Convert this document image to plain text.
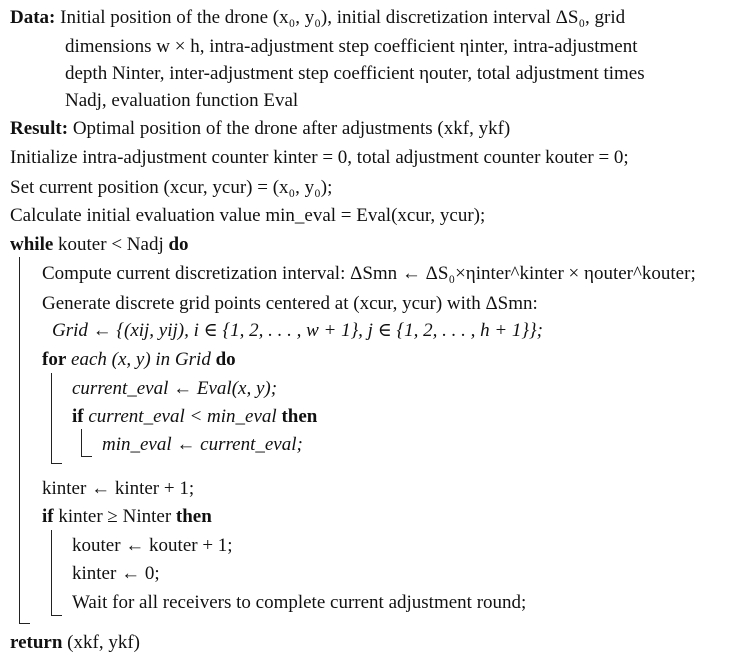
Data: Initial position of the drone (x₀, y₀), initial discretization interval ΔS₀, grid
dimensions w × h, intra-adjustment step coefficient ηinter, intra-adjustment
depth Ninter, inter-adjustment step coefficient ηouter, total adjustment times
Nadj, evaluation function Eval
Result: Optimal position of the drone after adjustments (xkf, ykf)
Initialize intra-adjustment counter kinter = 0, total adjustment counter kouter = 0;
Set current position (xcur, ycur) = (x₀, y₀);
Calculate initial evaluation value min_eval = Eval(xcur, ycur);
while kouter < Nadj do
Compute current discretization interval: ΔSmn ← ΔS₀×ηinter^kinter × ηouter^kouter;
Generate discrete grid points centered at (xcur, ycur) with ΔSmn:
Grid ← {(xij, yij), i ∈ {1, 2, . . . , w + 1}, j ∈ {1, 2, . . . , h + 1}};
for each (x, y) in Grid do
current_eval ← Eval(x, y);
if current_eval < min_eval then
min_eval ← current_eval;
kinter ← kinter + 1;
if kinter ≥ Ninter then
kouter ← kouter + 1;
kinter ← 0;
Wait for all receivers to complete current adjustment round;
return (xkf, ykf)
